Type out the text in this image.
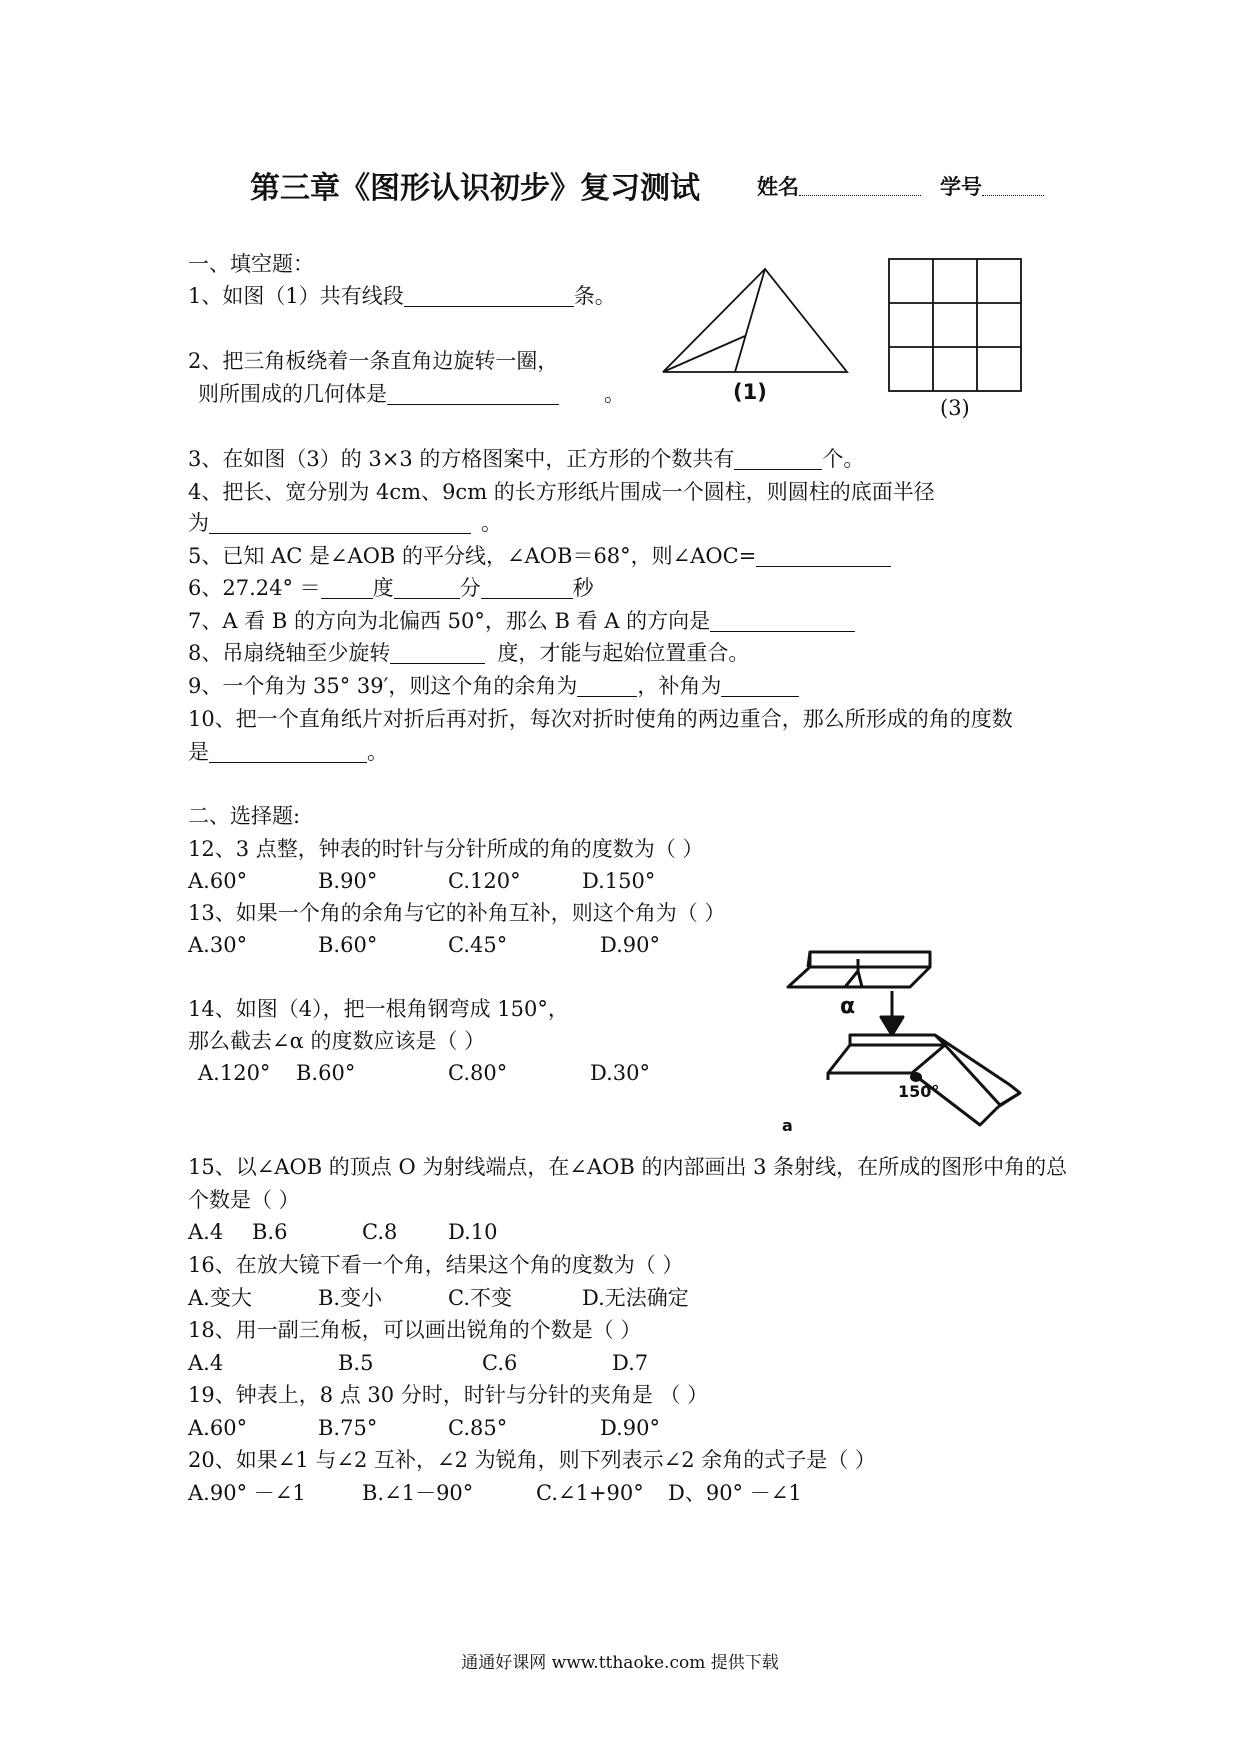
第三章《图形认识初步》复习测试	姓名	学号
一、填空题：
1、如图（1）共有线段	条。
2、把三角板绕着一条直角边旋转一圈，
则所围成的几何体是	。	(1)
(3)
3、在如图（3）的 3×3 的方格图案中，正方形的个数共有	个。
4、把长、宽分别为 4cm、9cm 的长方形纸片围成一个圆柱，则圆柱的底面半径
为	。
5、已知 AC 是∠AOB 的平分线，∠AOB＝68°，则∠AOC=
6、27.24° ＝ 度	分	秒
7、A 看 B 的方向为北偏西 50°，那么 B 看 A 的方向是
8、吊扇绕轴至少旋转	度，才能与起始位置重合。
9、一个角为 35° 39′，则这个角的余角为	，补角为
10、把一个直角纸片对折后再对折，每次对折时使角的两边重合，那么所形成的角的度数
是	。
二、选择题:
12、3 点整，钟表的时针与分针所成的角的度数为（ ）
A.60°	B.90°	C.120°	D.150°
13、如果一个角的余角与它的补角互补，则这个角为（ ）
A.30°	B.60°	C.45°	D.90°
14、如图（4），把一根角钢弯成 150°，
那么截去∠α 的度数应该是（ ）
A.120° B.60°	C.80°	D.30°
α
150°
a
15、以∠AOB 的顶点 O 为射线端点，在∠AOB 的内部画出 3 条射线，在所成的图形中角的总
个数是（ ）
A.4 B.6	C.8 D.10
16、在放大镜下看一个角，结果这个角的度数为（ ）
A.变大	B.变小	C.不变	D.无法确定
18、用一副三角板，可以画出锐角的个数是（ ）
A.4	B.5	C.6	D.7
19、钟表上，8 点 30 分时，时针与分针的夹角是 （ ）
A.60°	B.75°	C.85°	D.90°
20、如果∠1 与∠2 互补，∠2 为锐角，则下列表示∠2 余角的式子是（ ）
A.90° －∠1	B.∠1－90°	C.∠1+90° D、90° －∠1
通通好课网 www.tthaoke.com 提供下载
